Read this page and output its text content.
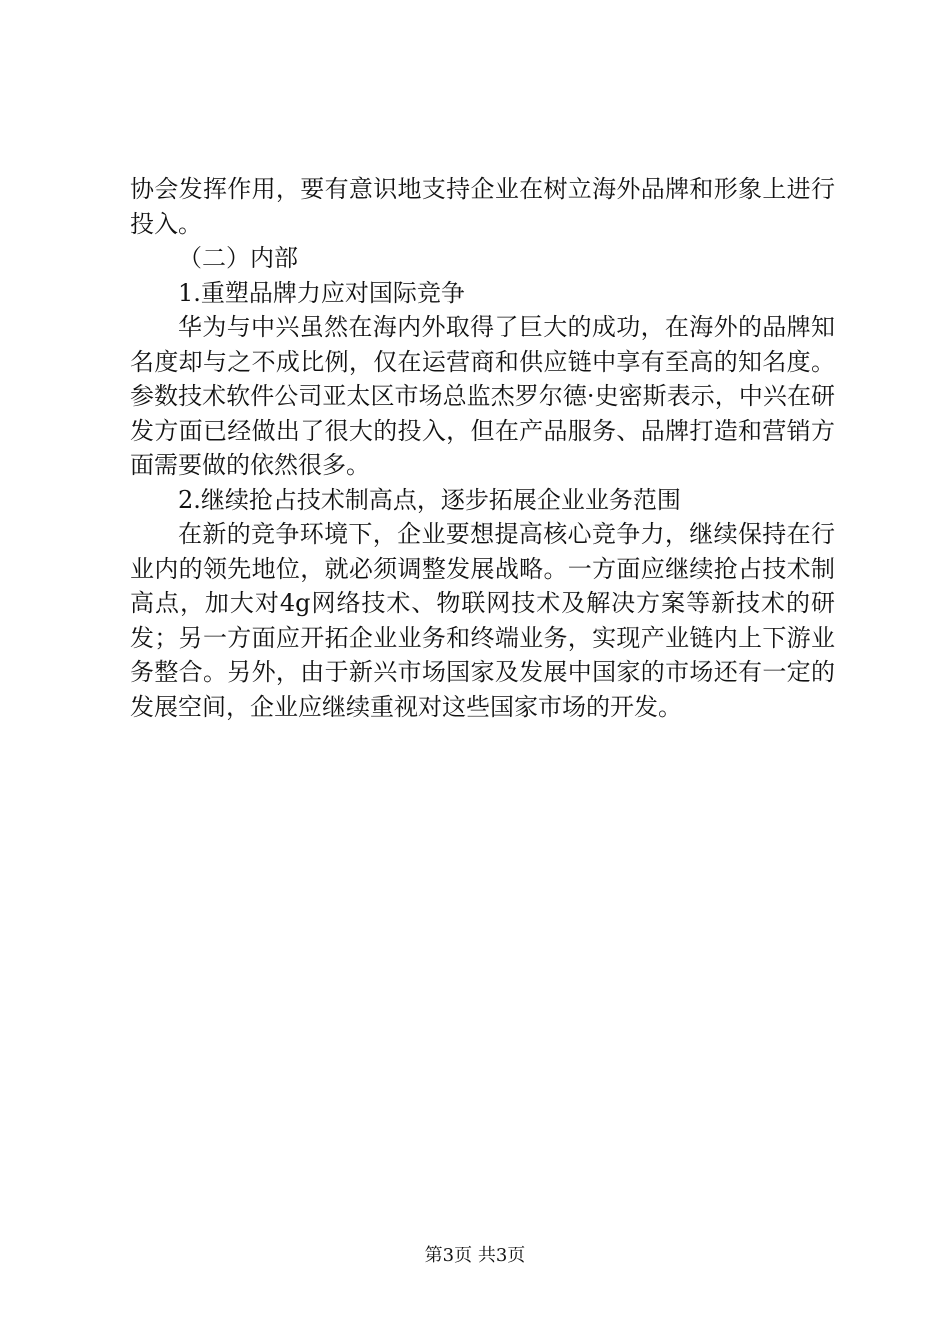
协会发挥作用，要有意识地支持企业在树立海外品牌和形象上进行投入。

（二）内部

1.重塑品牌力应对国际竞争

华为与中兴虽然在海内外取得了巨大的成功，在海外的品牌知名度却与之不成比例，仅在运营商和供应链中享有至高的知名度。参数技术软件公司亚太区市场总监杰罗尔德·史密斯表示，中兴在研发方面已经做出了很大的投入，但在产品服务、品牌打造和营销方面需要做的依然很多。

2.继续抢占技术制高点，逐步拓展企业业务范围

在新的竞争环境下，企业要想提高核心竞争力，继续保持在行业内的领先地位，就必须调整发展战略。一方面应继续抢占技术制高点，加大对4g网络技术、物联网技术及解决方案等新技术的研发；另一方面应开拓企业业务和终端业务，实现产业链内上下游业务整合。另外，由于新兴市场国家及发展中国家的市场还有一定的发展空间，企业应继续重视对这些国家市场的开发。

第3页 共3页
